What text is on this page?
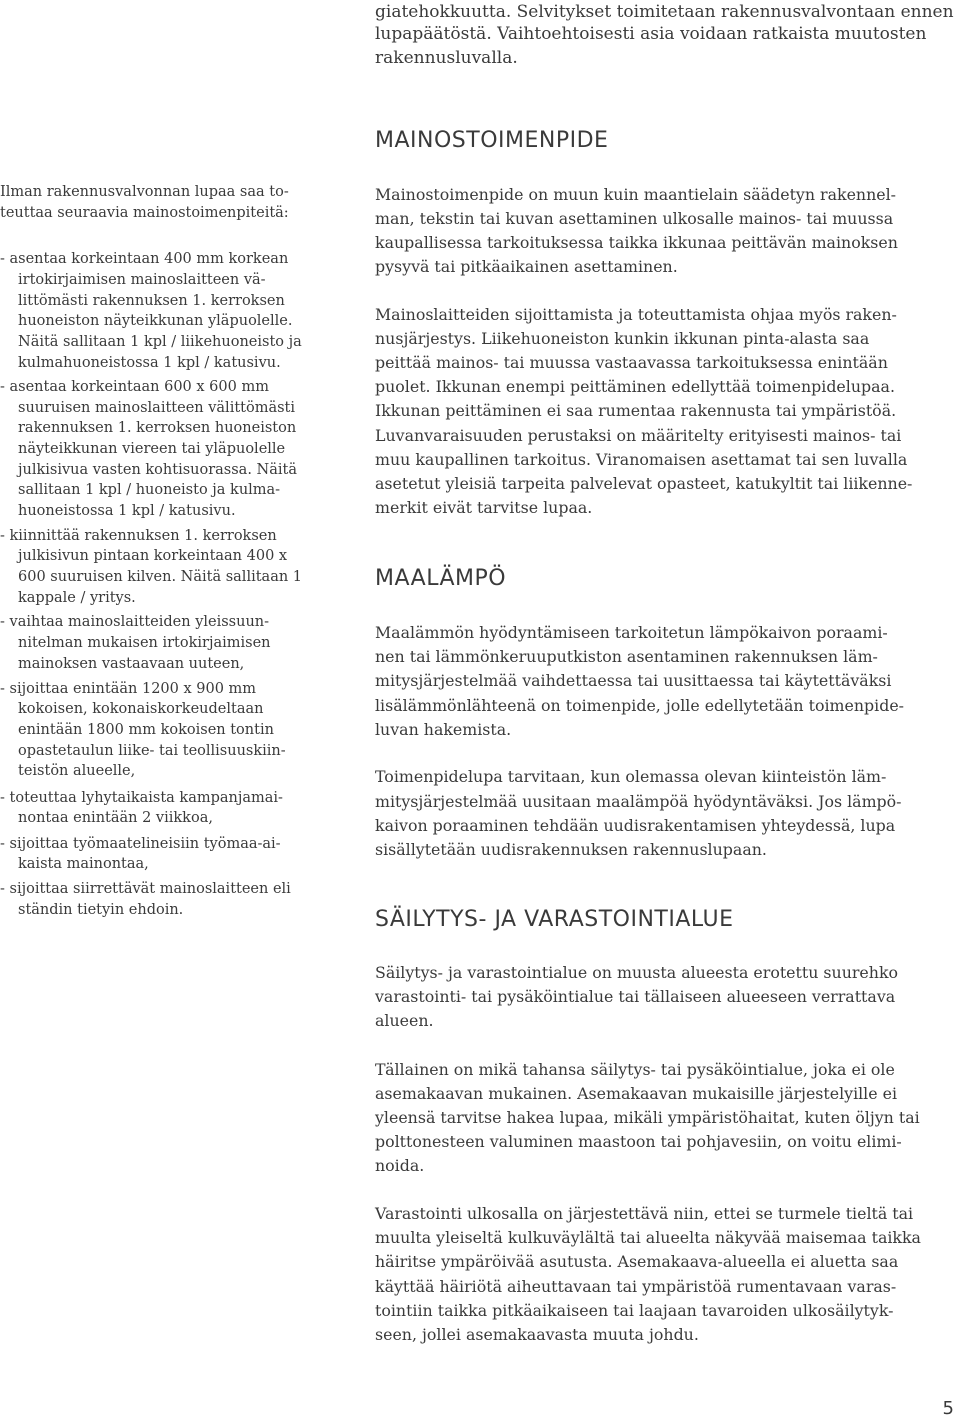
giatehokkuutta. Selvitykset toimitetaan rakennusvalvontaan ennen
lupapäätöstä. Vaihtoehtoisesti asia voidaan ratkaista muutosten
rakennusluvalla.
MAINOSTOIMENPIDE
Ilman rakennusvalvonnan lupaa saa to-
teuttaa seuraavia mainostoimenpiteitä:
- asentaa korkeintaan 400 mm korkean
irtokirjaimisen mainoslaitteen vä-
littömästi rakennuksen 1. kerroksen
huoneiston näyteikkunan yläpuolelle.
Näitä sallitaan 1 kpl / liikehuoneisto ja
kulmahuoneistossa 1 kpl / katusivu.
- asentaa korkeintaan 600 x 600 mm
suuruisen mainoslaitteen välittömästi
rakennuksen 1. kerroksen huoneiston
näyteikkunan viereen tai yläpuolelle
julkisivua vasten kohtisuorassa. Näitä
sallitaan 1 kpl / huoneisto ja kulma-
huoneistossa 1 kpl / katusivu.
- kiinnittää rakennuksen 1. kerroksen
julkisivun pintaan korkeintaan 400 x
600 suuruisen kilven. Näitä sallitaan 1
kappale / yritys.
- vaihtaa mainoslaitteiden yleissuun-
nitelman mukaisen irtokirjaimisen
mainoksen vastaavaan uuteen,
- sijoittaa enintään 1200 x 900 mm
kokoisen, kokonaiskorkeudeltaan
enintään 1800 mm kokoisen tontin
opastetaulun liike- tai teollisuuskiin-
teistön alueelle,
- toteuttaa lyhytaikaista kampanjamai-
nontaa enintään 2 viikkoa,
- sijoittaa työmaatelineisiin työmaa-ai-
kaista mainontaa,
- sijoittaa siirrettävät mainoslaitteen eli
ständin tietyin ehdoin.
Mainostoimenpide on muun kuin maantielain säädetyn rakennel-
man, tekstin tai kuvan asettaminen ulkosalle mainos- tai muussa
kaupallisessa tarkoituksessa taikka ikkunaa peittävän mainoksen
pysyvä tai pitkäaikainen asettaminen.
Mainoslaitteiden sijoittamista ja toteuttamista ohjaa myös raken-
nusjärjestys. Liikehuoneiston kunkin ikkunan pinta-alasta saa
peittää mainos- tai muussa vastaavassa tarkoituksessa enintään
puolet. Ikkunan enempi peittäminen edellyttää toimenpidelupaa.
Ikkunan peittäminen ei saa rumentaa rakennusta tai ympäristöä.
Luvanvaraisuuden perustaksi on määritelty erityisesti mainos- tai
muu kaupallinen tarkoitus. Viranomaisen asettamat tai sen luvalla
asetetut yleisiä tarpeita palvelevat opasteet, katukyltit tai liikenne-
merkit eivät tarvitse lupaa.
MAALÄMPÖ
Maalämmön hyödyntämiseen tarkoitetun lämpökaivon poraami-
nen tai lämmönkeruuputkiston asentaminen rakennuksen läm-
mitysjärjestelmää vaihdettaessa tai uusittaessa tai käytettäväksi
lisälämmönlähteenä on toimenpide, jolle edellytetään toimenpide-
luvan hakemista.
Toimenpidelupa tarvitaan, kun olemassa olevan kiinteistön läm-
mitysjärjestelmää uusitaan maalämpöä hyödyntäväksi. Jos lämpö-
kaivon poraaminen tehdään uudisrakentamisen yhteydessä, lupa
sisällytetään uudisrakennuksen rakennuslupaan.
SÄILYTYS- JA VARASTOINTIALUE
Säilytys- ja varastointialue on muusta alueesta erotettu suurehko
varastointi- tai pysäköintialue tai tällaiseen alueeseen verrattava
alueen.
Tällainen on mikä tahansa säilytys- tai pysäköintialue, joka ei ole
asemakaavan mukainen. Asemakaavan mukaisille järjestelyille ei
yleensä tarvitse hakea lupaa, mikäli ympäristöhaitat, kuten öljyn tai
polttonesteen valuminen maastoon tai pohjavesiin, on voitu elimi-
noida.
Varastointi ulkosalla on järjestettävä niin, ettei se turmele tieltä tai
muulta yleiseltä kulkuväylältä tai alueelta näkyvää maisemaa taikka
häiritse ympäröivää asutusta. Asemakaava-alueella ei aluetta saa
käyttää häiriötä aiheuttavaan tai ympäristöä rumentavaan varas-
tointiin taikka pitkäaikaiseen tai laajaan tavaroiden ulkosäilytyk-
seen, jollei asemakaavasta muuta johdu.
5
